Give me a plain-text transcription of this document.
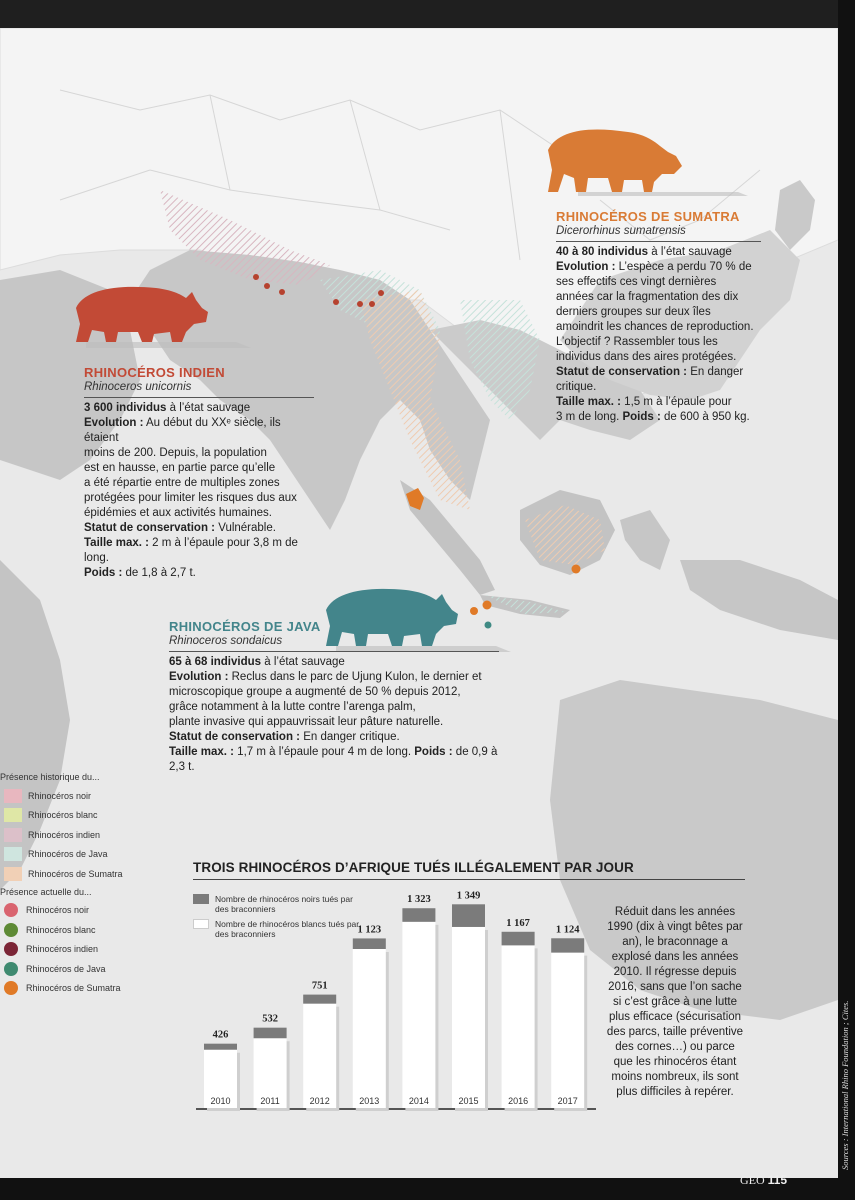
426
2010
532
2011
751
2012
1 123
2013
1 323
2014
1 349
2015
1 167
2016
1 124
2017
RHINOCÉROS DE SUMATRA
Dicerorhinus sumatrensis
40 à 80 individus à l’état sauvage
Evolution : L’espèce a perdu 70 % de
ses effectifs ces vingt dernières
années car la fragmentation des dix
derniers groupes sur deux îles
amoindrit les chances de reproduction.
L’objectif ? Rassembler tous les
individus dans des aires protégées.
Statut de conservation : En danger critique.
Taille max. : 1,5 m à l’épaule pour
3 m de long. Poids : de 600 à 950 kg.
RHINOCÉROS INDIEN
Rhinoceros unicornis
3 600 individus à l’état sauvage
Evolution : Au début du XXᵉ siècle, ils étaient
moins de 200. Depuis, la population
est en hausse, en partie parce qu’elle
a été répartie entre de multiples zones
protégées pour limiter les risques dus aux
épidémies et aux activités humaines.
Statut de conservation : Vulnérable.
Taille max. : 2 m à l’épaule pour 3,8 m de long.
Poids : de 1,8 à 2,7 t.
RHINOCÉROS DE JAVA
Rhinoceros sondaicus
65 à 68 individus à l’état sauvage
Evolution : Reclus dans le parc de Ujung Kulon, le dernier et
microscopique groupe a augmenté de 50 % depuis 2012,
grâce notamment à la lutte contre l’arenga palm,
plante invasive qui appauvrissait leur pâture naturelle.
Statut de conservation : En danger critique.
Taille max. : 1,7 m à l’épaule pour 4 m de long. Poids : de 0,9 à 2,3 t.
Présence historique du...
Rhinocéros noir
Rhinocéros blanc
Rhinocéros indien
Rhinocéros de Java
Rhinocéros de Sumatra
Présence actuelle du...
Rhinocéros noir
Rhinocéros blanc
Rhinocéros indien
Rhinocéros de Java
Rhinocéros de Sumatra
TROIS RHINOCÉROS D’AFRIQUE TUÉS ILLÉGALEMENT PAR JOUR
Nombre de rhinocéros noirs tués par des braconniers
Nombre de rhinocéros blancs tués par des braconniers
Réduit dans les années 1990 (dix à vingt bêtes par an), le braconnage a explosé dans les années 2010. Il régresse depuis 2016, sans que l’on sache si c’est grâce à une lutte plus efficace (sécurisation des parcs, taille préventive des cornes…) ou parce que les rhinocéros étant moins nombreux, ils sont plus difficiles à repérer.
GEO 115
Sources : International Rhino Foundation ; Cites.
